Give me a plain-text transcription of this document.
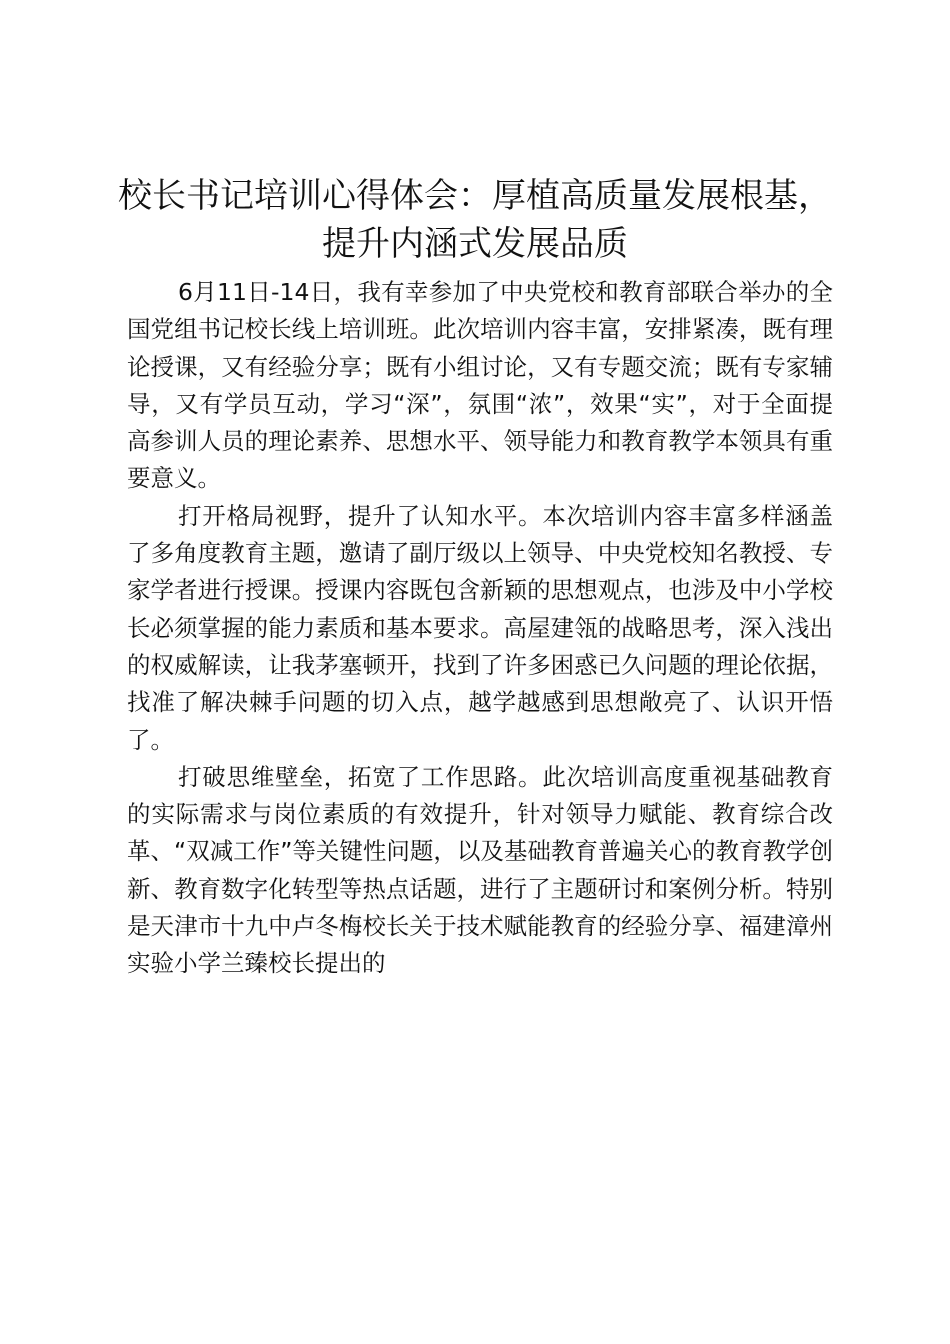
校长书记培训心得体会：厚植高质量发展根基，
提升内涵式发展品质

6月11日-14日，我有幸参加了中央党校和教育部联合举办的全国党组书记校长线上培训班。此次培训内容丰富，安排紧凑，既有理论授课，又有经验分享；既有小组讨论，又有专题交流；既有专家辅导，又有学员互动，学习“深”，氛围“浓”，效果“实”，对于全面提高参训人员的理论素养、思想水平、领导能力和教育教学本领具有重要意义。

打开格局视野，提升了认知水平。本次培训内容丰富多样涵盖了多角度教育主题，邀请了副厅级以上领导、中央党校知名教授、专家学者进行授课。授课内容既包含新颖的思想观点，也涉及中小学校长必须掌握的能力素质和基本要求。高屋建瓴的战略思考，深入浅出的权威解读，让我茅塞顿开，找到了许多困惑已久问题的理论依据，找准了解决棘手问题的切入点，越学越感到思想敞亮了、认识开悟了。

打破思维壁垒，拓宽了工作思路。此次培训高度重视基础教育的实际需求与岗位素质的有效提升，针对领导力赋能、教育综合改革、“双减工作”等关键性问题，以及基础教育普遍关心的教育教学创新、教育数字化转型等热点话题，进行了主题研讨和案例分析。特别是天津市十九中卢冬梅校长关于技术赋能教育的经验分享、福建漳州实验小学兰臻校长提出的
